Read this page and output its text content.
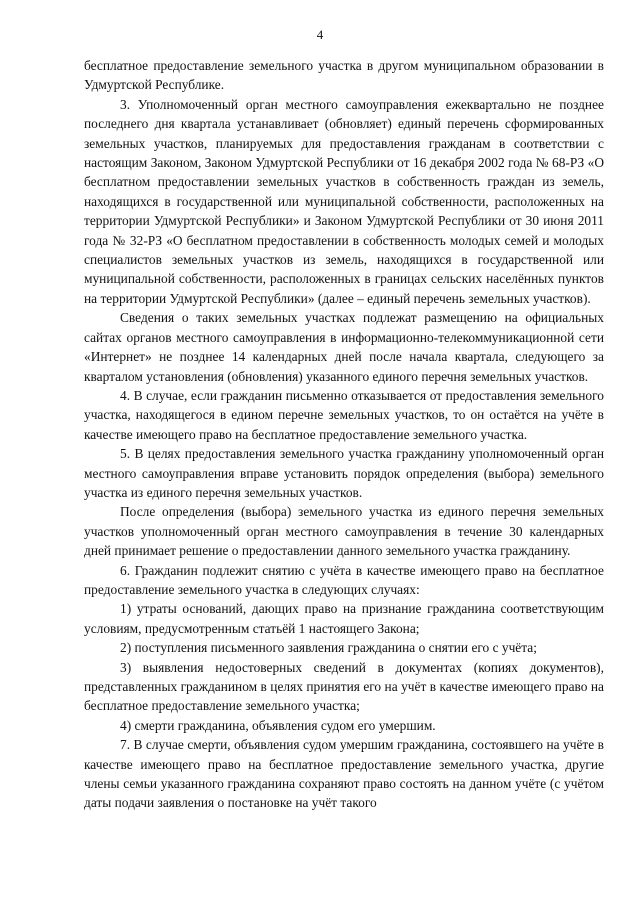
4

бесплатное предоставление земельного участка в другом муниципальном образовании в Удмуртской Республике.

3. Уполномоченный орган местного самоуправления ежеквартально не позднее последнего дня квартала устанавливает (обновляет) единый перечень сформированных земельных участков, планируемых для предоставления гражданам в соответствии с настоящим Законом, Законом Удмуртской Республики от 16 декабря 2002 года № 68-РЗ «О бесплатном предоставлении земельных участков в собственность граждан из земель, находящихся в государственной или муниципальной собственности, расположенных на территории Удмуртской Республики» и Законом Удмуртской Республики от 30 июня 2011 года № 32-РЗ «О бесплатном предоставлении в собственность молодых семей и молодых специалистов земельных участков из земель, находящихся в государственной или муниципальной собственности, расположенных в границах сельских населённых пунктов на территории Удмуртской Республики» (далее – единый перечень земельных участков).

Сведения о таких земельных участках подлежат размещению на официальных сайтах органов местного самоуправления в информационно-телекоммуникационной сети «Интернет» не позднее 14 календарных дней после начала квартала, следующего за кварталом установления (обновления) указанного единого перечня земельных участков.

4. В случае, если гражданин письменно отказывается от предоставления земельного участка, находящегося в едином перечне земельных участков, то он остаётся на учёте в качестве имеющего право на бесплатное предоставление земельного участка.

5. В целях предоставления земельного участка гражданину уполномоченный орган местного самоуправления вправе установить порядок определения (выбора) земельного участка из единого перечня земельных участков.

После определения (выбора) земельного участка из единого перечня земельных участков уполномоченный орган местного самоуправления в течение 30 календарных дней принимает решение о предоставлении данного земельного участка гражданину.

6. Гражданин подлежит снятию с учёта в качестве имеющего право на бесплатное предоставление земельного участка в следующих случаях:

1) утраты оснований, дающих право на признание гражданина соответствующим условиям, предусмотренным статьёй 1 настоящего Закона;

2) поступления письменного заявления гражданина о снятии его с учёта;

3) выявления недостоверных сведений в документах (копиях документов), представленных гражданином в целях принятия его на учёт в качестве имеющего право на бесплатное предоставление земельного участка;

4) смерти гражданина, объявления судом его умершим.

7. В случае смерти, объявления судом умершим гражданина, состоявшего на учёте в качестве имеющего право на бесплатное предоставление земельного участка, другие члены семьи указанного гражданина сохраняют право состоять на данном учёте (с учётом даты подачи заявления о постановке на учёт такого
